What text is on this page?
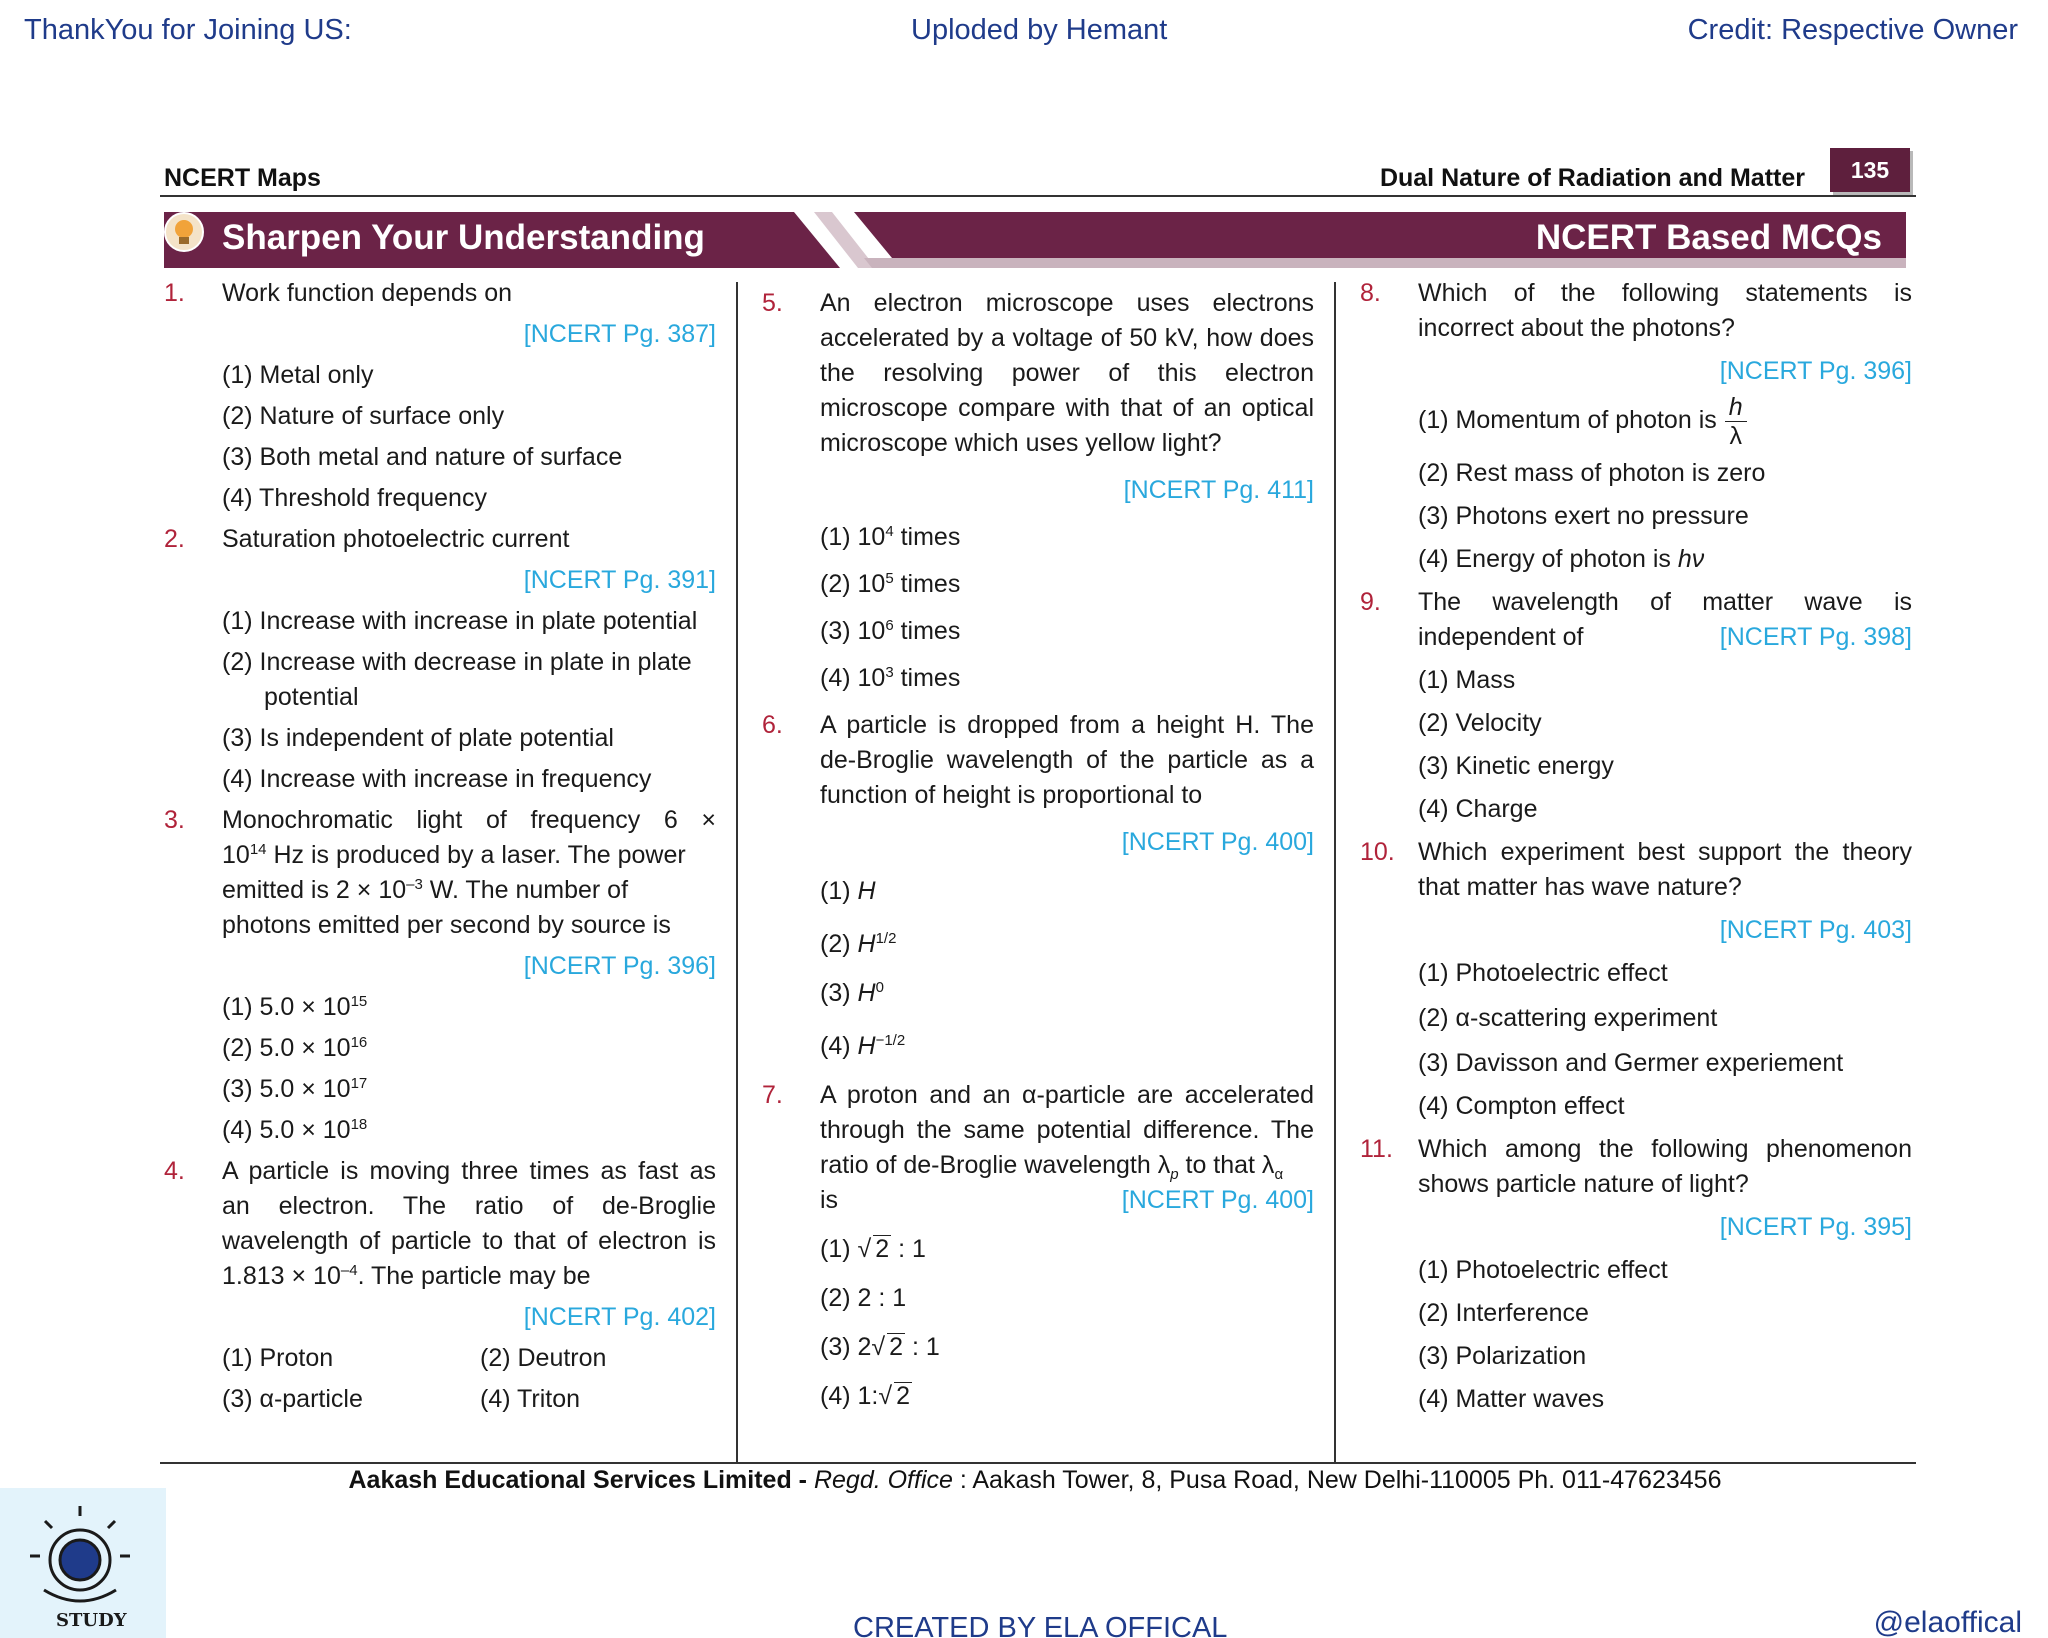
ThankYou for Joining US:	Uploded by Hemant	Credit: Respective Owner
NCERT Maps	Dual Nature of Radiation and Matter	135
Sharpen Your Understanding	NCERT Based MCQs
1. Work function depends on
[NCERT Pg. 387]
(1) Metal only
(2) Nature of surface only
(3) Both metal and nature of surface
(4) Threshold frequency
2. Saturation photoelectric current
[NCERT Pg. 391]
(1) Increase with increase in plate potential
(2) Increase with decrease in plate in plate
potential
(3) Is independent of plate potential
(4) Increase with increase in frequency
3. Monochromatic light of frequency 6 ×
$10^{14}$ Hz is produced by a laser. The power
emitted is $2 \times 10^{-3}$ W. The number of
photons emitted per second by source is
[NCERT Pg. 396]
(1) $5.0 \times 10^{15}$
(2) $5.0 \times 10^{16}$
(3) $5.0 \times 10^{17}$
(4) $5.0 \times 10^{18}$
4. A particle is moving three times as fast as
an electron. The ratio of de-Broglie
wavelength of particle to that of electron is
$1.813 \times 10^{-4}$. The particle may be
[NCERT Pg. 402]
(1) Proton	(2) Deutron
(3) α-particle	(4) Triton
5. An electron microscope uses electrons accelerated by a voltage of 50 kV, how does the resolving power of this electron microscope compare with that of an optical microscope which uses yellow light?
[NCERT Pg. 411]
(1) $10^4$ times
(2) $10^5$ times
(3) $10^6$ times
(4) $10^3$ times
6. A particle is dropped from a height H. The de-Broglie wavelength of the particle as a function of height is proportional to
[NCERT Pg. 400]
(1) H
(2) $H^{1/2}$
(3) $H^0$
(4) $H^{-1/2}$
7. A proton and an α-particle are accelerated through the same potential difference. The ratio of de-Broglie wavelength $\lambda_p$ to that $\lambda_\alpha$
is	[NCERT Pg. 400]
(1) √ 2 : 1
(2) 2 : 1
(3) 2√ 2 : 1
(4) 1:√ 2
8. Which of the following statements is incorrect about the photons?
[NCERT Pg. 396]
(1) Momentum of photon is $\frac{h}{\lambda}$
(2) Rest mass of photon is zero
(3) Photons exert no pressure
(4) Energy of photon is hν
9. The wavelength of matter wave is
independent of	[NCERT Pg. 398]
(1) Mass
(2) Velocity
(3) Kinetic energy
(4) Charge
10. Which experiment best support the theory that matter has wave nature?
[NCERT Pg. 403]
(1) Photoelectric effect
(2) α-scattering experiment
(3) Davisson and Germer experiement
(4) Compton effect
11. Which among the following phenomenon shows particle nature of light?
[NCERT Pg. 395]
(1) Photoelectric effect
(2) Interference
(3) Polarization
(4) Matter waves
Aakash Educational Services Limited - Regd. Office : Aakash Tower, 8, Pusa Road, New Delhi-110005 Ph. 011-47623456
STUDY	CREATED BY ELA OFFICAL	@elaoffical
